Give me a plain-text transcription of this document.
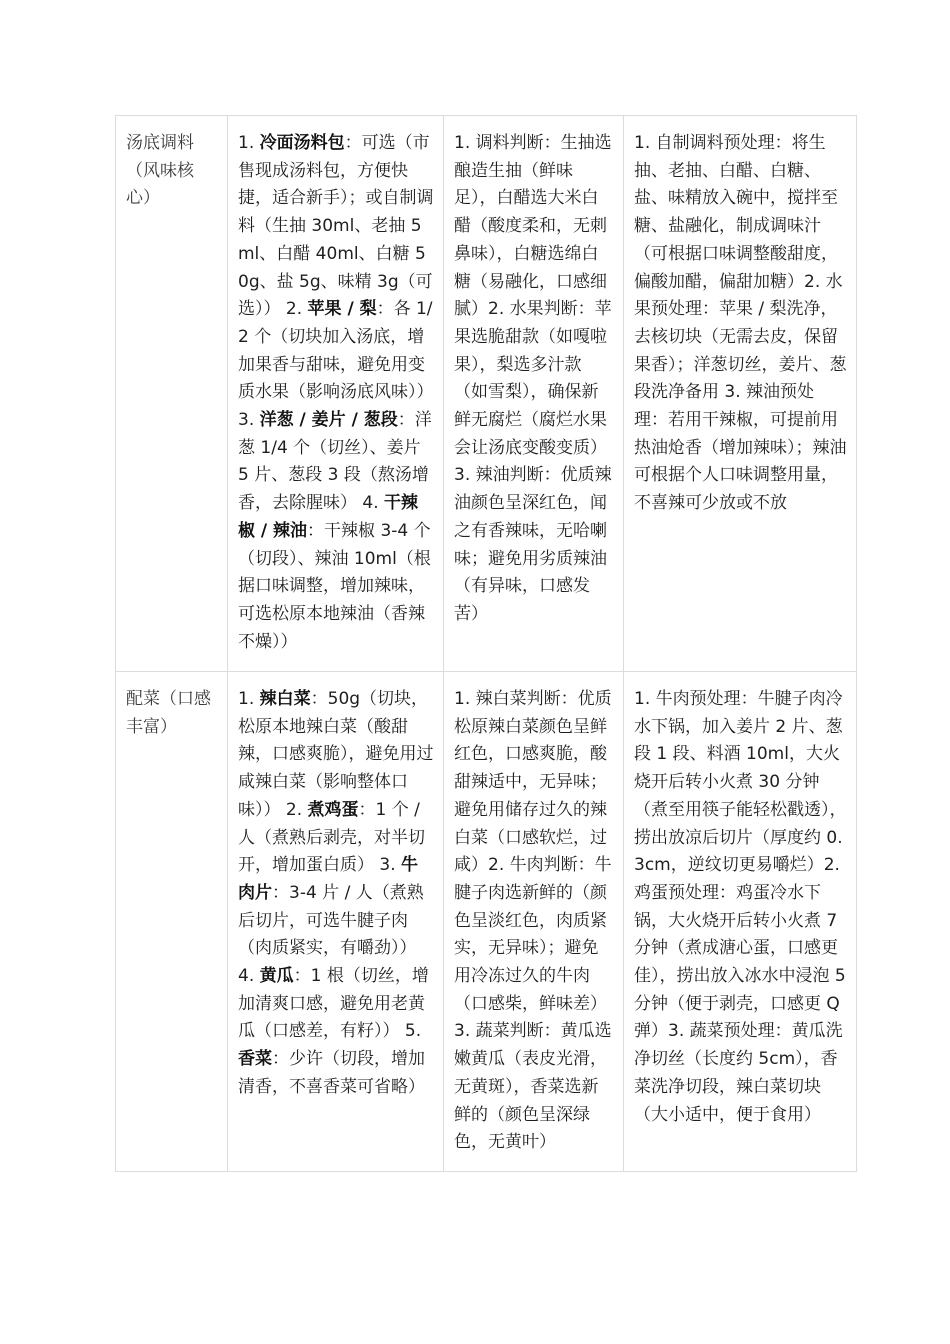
汤底调料（风味核心）	1. 冷面汤料包：可选（市售现成汤料包，方便快捷，适合新手）；或自制调料（生抽 30ml、老抽 5ml、白醋 40ml、白糖 50g、盐 5g、味精 3g（可选）） 2. 苹果 / 梨：各 1/2 个（切块加入汤底，增加果香与甜味，避免用变质水果（影响汤底风味）） 3. 洋葱 / 姜片 / 葱段：洋葱 1/4 个（切丝）、姜片 5 片、葱段 3 段（熬汤增香，去除腥味） 4. 干辣椒 / 辣油：干辣椒 3-4 个（切段）、辣油 10ml（根据口味调整，增加辣味，可选松原本地辣油（香辣不燥））	1. 调料判断：生抽选酿造生抽（鲜味足），白醋选大米白醋（酸度柔和，无刺鼻味），白糖选绵白糖（易融化，口感细腻）2. 水果判断：苹果选脆甜款（如嘎啦果），梨选多汁款（如雪梨），确保新鲜无腐烂（腐烂水果会让汤底变酸变质）3. 辣油判断：优质辣油颜色呈深红色，闻之有香辣味，无哈喇味；避免用劣质辣油（有异味，口感发苦）	1. 自制调料预处理：将生抽、老抽、白醋、白糖、盐、味精放入碗中，搅拌至糖、盐融化，制成调味汁（可根据口味调整酸甜度，偏酸加醋，偏甜加糖）2. 水果预处理：苹果 / 梨洗净，去核切块（无需去皮，保留果香）；洋葱切丝，姜片、葱段洗净备用 3. 辣油预处理：若用干辣椒，可提前用热油炝香（增加辣味）；辣油可根据个人口味调整用量，不喜辣可少放或不放
配菜（口感丰富）	1. 辣白菜：50g（切块，松原本地辣白菜（酸甜辣，口感爽脆），避免用过咸辣白菜（影响整体口味）） 2. 煮鸡蛋：1 个 / 人（煮熟后剥壳，对半切开，增加蛋白质） 3. 牛肉片：3-4 片 / 人（煮熟后切片，可选牛腱子肉（肉质紧实，有嚼劲）） 4. 黄瓜：1 根（切丝，增加清爽口感，避免用老黄瓜（口感差，有籽）） 5. 香菜：少许（切段，增加清香，不喜香菜可省略）	1. 辣白菜判断：优质松原辣白菜颜色呈鲜红色，口感爽脆，酸甜辣适中，无异味；避免用储存过久的辣白菜（口感软烂，过咸）2. 牛肉判断：牛腱子肉选新鲜的（颜色呈淡红色，肉质紧实，无异味）；避免用冷冻过久的牛肉（口感柴，鲜味差）3. 蔬菜判断：黄瓜选嫩黄瓜（表皮光滑，无黄斑），香菜选新鲜的（颜色呈深绿色，无黄叶）	1. 牛肉预处理：牛腱子肉冷水下锅，加入姜片 2 片、葱段 1 段、料酒 10ml，大火烧开后转小火煮 30 分钟（煮至用筷子能轻松戳透），捞出放凉后切片（厚度约 0.3cm，逆纹切更易嚼烂）2. 鸡蛋预处理：鸡蛋冷水下锅，大火烧开后转小火煮 7 分钟（煮成溏心蛋，口感更佳），捞出放入冰水中浸泡 5 分钟（便于剥壳，口感更 Q 弹）3. 蔬菜预处理：黄瓜洗净切丝（长度约 5cm），香菜洗净切段，辣白菜切块（大小适中，便于食用）
